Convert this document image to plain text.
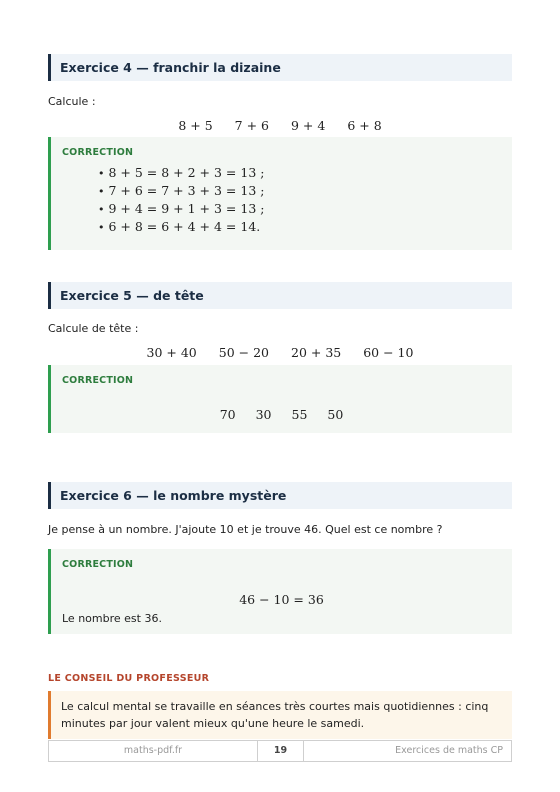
Exercice 4 — franchir la dizaine
Calcule :
8 + 5 7 + 6 9 + 4 6 + 8
CORRECTION
• 8 + 5 = 8 + 2 + 3 = 13 ;
• 7 + 6 = 7 + 3 + 3 = 13 ;
• 9 + 4 = 9 + 1 + 3 = 13 ;
• 6 + 8 = 6 + 4 + 4 = 14.
Exercice 5 — de tête
Calcule de tête :
30 + 40 50 − 20 20 + 35 60 − 10
CORRECTION
70 30 55 50
Exercice 6 — le nombre mystère
Je pense à un nombre. J'ajoute 10 et je trouve 46. Quel est ce nombre ?
CORRECTION
46 − 10 = 36
Le nombre est 36.
LE CONSEIL DU PROFESSEUR
Le calcul mental se travaille en séances très courtes mais quotidiennes : cinq minutes par jour valent mieux qu'une heure le samedi.
maths-pdf.fr	19	Exercices de maths CP
